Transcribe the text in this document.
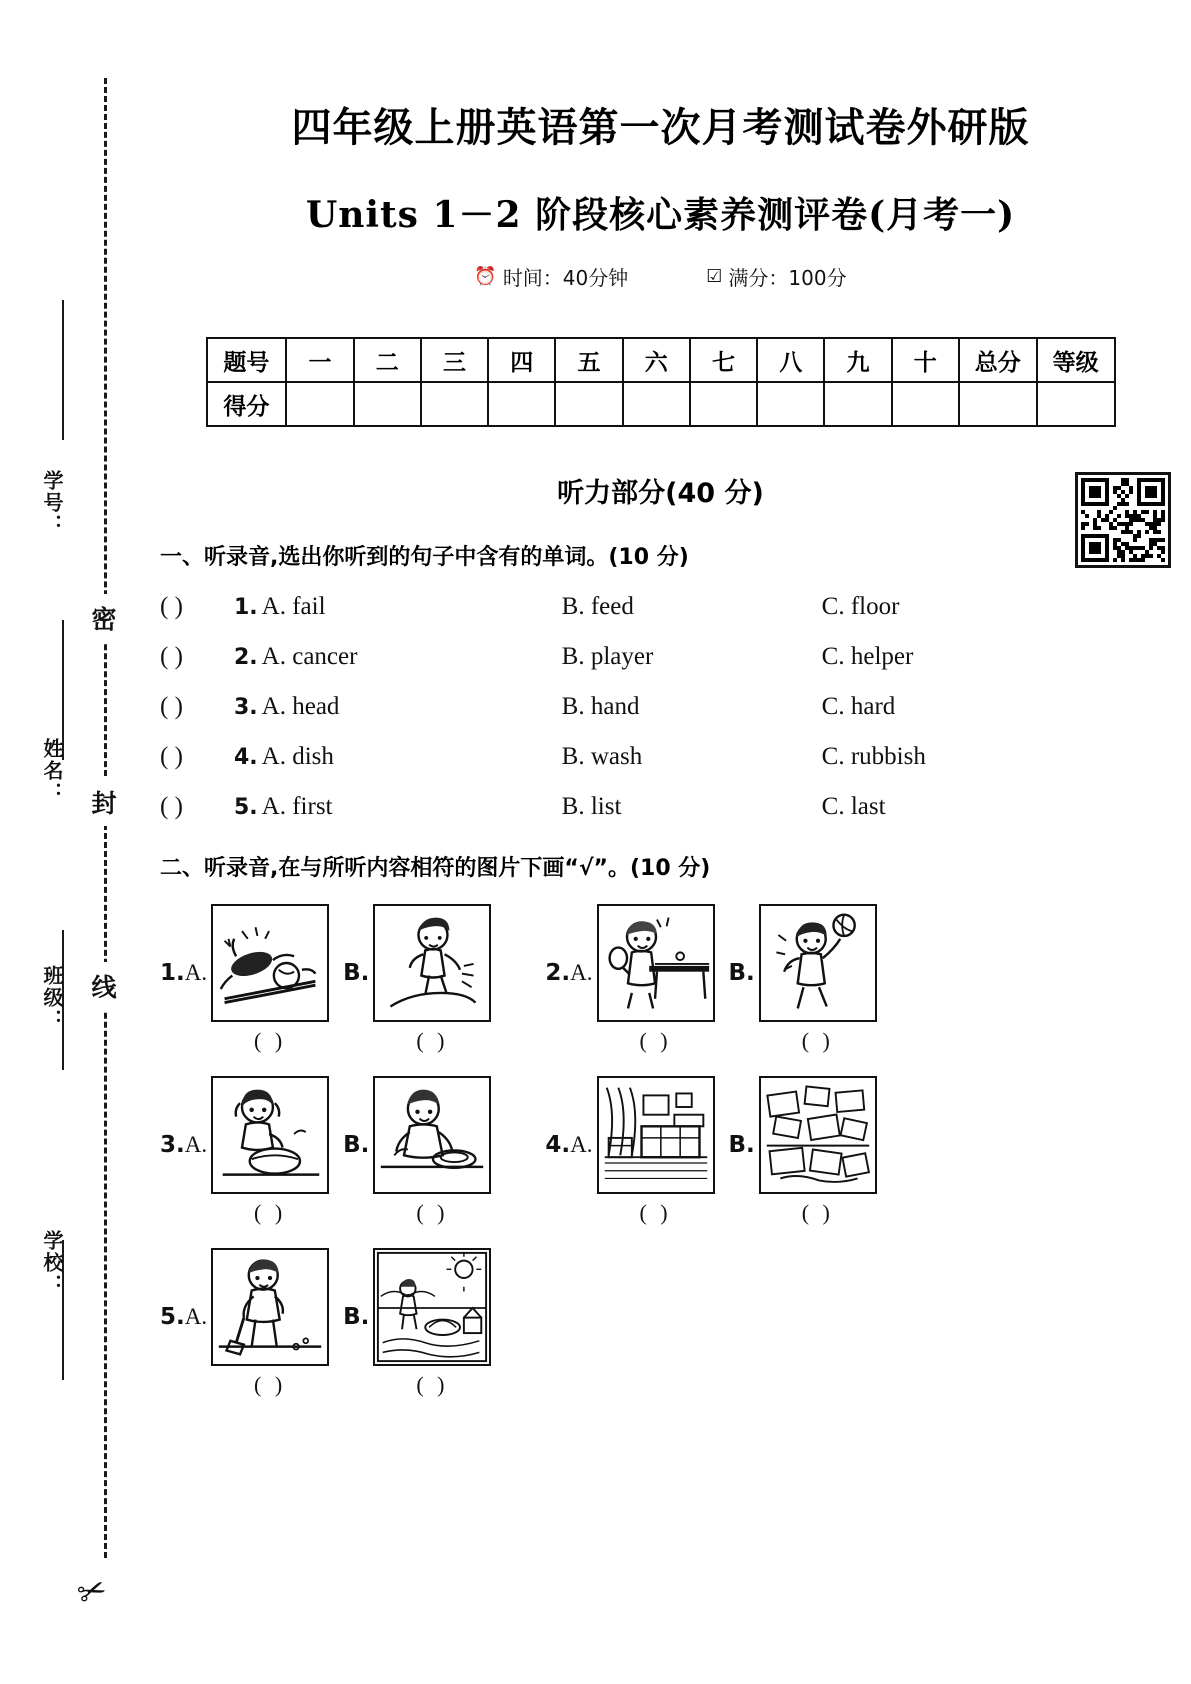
学号：
姓名：
班级：
学校：
密
封
线
✂
四年级上册英语第一次月考测试卷外研版
Units 1－2 阶段核心素养测评卷(月考一)
⏰ 时间：40分钟	☑ 满分：100分
题号	一	二	三	四	五	六	七	八	九	十	总分	等级
得分												
听力部分(40 分)
一、听录音,选出你听到的句子中含有的单词。(10 分)
( )	1. A. fail	B. feed	C. floor
( )	2. A. cancer	B. player	C. helper
( )	3. A. head	B. hand	C. hard
( )	4. A. dish	B. wash	C. rubbish
( )	5. A. first	B. list	C. last
二、听录音,在与所听内容相符的图片下画“√”。(10 分)
1.A.
( )
B.
( )
2.A.
( )
B.
( )
3.A.
( )
B.
( )
4.A.
( )
B.
( )
5.A.
( )
B.
( )
